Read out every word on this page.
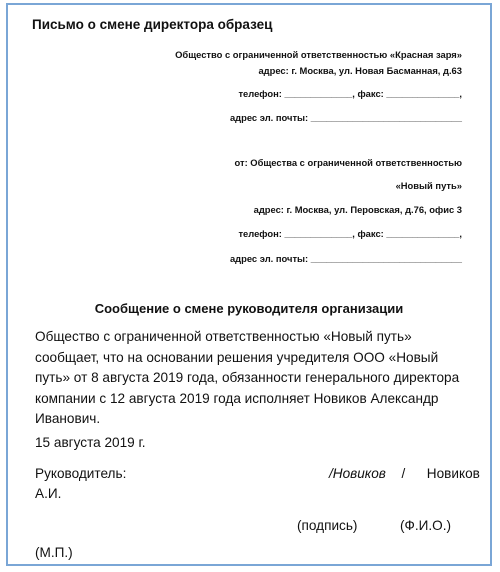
Письмо о смене директора образец
Общество с ограниченной ответственностью «Красная заря»
адрес: г. Москва, ул. Новая Басманная, д.63
телефон: _____________, факс: ______________,
адрес эл. почты: _____________________________
от: Общества с ограниченной ответственностью
«Новый путь»
адрес: г. Москва, ул. Перовская, д.76, офис 3
телефон: _____________, факс: ______________,
адрес эл. почты: _____________________________
Сообщение о смене руководителя организации
Общество с ограниченной ответственностью «Новый путь»
сообщает, что на основании решения учредителя ООО «Новый
путь» от 8 августа 2019 года, обязанности генерального директора
компании с 12 августа 2019 года исполняет Новиков Александр
Иванович.
15 августа 2019 г.
Руководитель:	/Новиков / Новиков
А.И.
(подпись)	(Ф.И.О.)
(М.П.)
